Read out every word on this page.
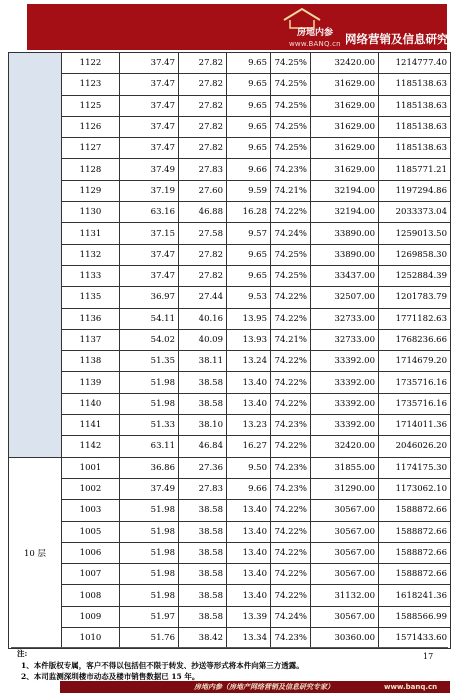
房地内参
www.BANQ.cn 网络营销及信息研究专家
	1122	37.47	27.82	9.65	74.25%	32420.00	1214777.40
	1123	37.47	27.82	9.65	74.25%	31629.00	1185138.63
	1125	37.47	27.82	9.65	74.25%	31629.00	1185138.63
	1126	37.47	27.82	9.65	74.25%	31629.00	1185138.63
	1127	37.47	27.82	9.65	74.25%	31629.00	1185138.63
	1128	37.49	27.83	9.66	74.23%	31629.00	1185771.21
	1129	37.19	27.60	9.59	74.21%	32194.00	1197294.86
	1130	63.16	46.88	16.28	74.22%	32194.00	2033373.04
	1131	37.15	27.58	9.57	74.24%	33890.00	1259013.50
	1132	37.47	27.82	9.65	74.25%	33890.00	1269858.30
	1133	37.47	27.82	9.65	74.25%	33437.00	1252884.39
	1135	36.97	27.44	9.53	74.22%	32507.00	1201783.79
	1136	54.11	40.16	13.95	74.22%	32733.00	1771182.63
	1137	54.02	40.09	13.93	74.21%	32733.00	1768236.66
	1138	51.35	38.11	13.24	74.22%	33392.00	1714679.20
	1139	51.98	38.58	13.40	74.22%	33392.00	1735716.16
	1140	51.98	38.58	13.40	74.22%	33392.00	1735716.16
	1141	51.33	38.10	13.23	74.23%	33392.00	1714011.36
	1142	63.11	46.84	16.27	74.22%	32420.00	2046026.20
10 层	1001	36.86	27.36	9.50	74.23%	31855.00	1174175.30
	1002	37.49	27.83	9.66	74.23%	31290.00	1173062.10
	1003	51.98	38.58	13.40	74.22%	30567.00	1588872.66
	1005	51.98	38.58	13.40	74.22%	30567.00	1588872.66
	1006	51.98	38.58	13.40	74.22%	30567.00	1588872.66
	1007	51.98	38.58	13.40	74.22%	30567.00	1588872.66
	1008	51.98	38.58	13.40	74.22%	31132.00	1618241.36
	1009	51.97	38.58	13.39	74.24%	30567.00	1588566.99
	1010	51.76	38.42	13.34	74.23%	30360.00	1571433.60
注:
1、本件版权专属，客户不得以包括但不限于转发、抄送等形式将本件向第三方透露。
2、本司监测深圳楼市动态及楼市销售数据已 15 年。
17
房地内参（房地产网络营销及信息研究专家）	www.banq.cn
